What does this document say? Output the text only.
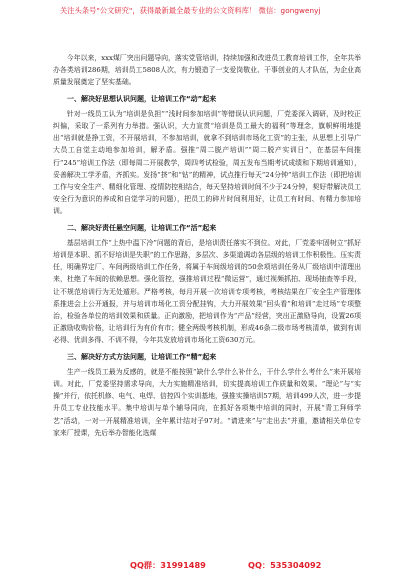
关注头条号"公文研究"，获得最新最全最专业的公文资料库！ 微信：gongwenyj

今年以来，xxx煤厂突出问题导向，落实党管培训，持续加强和改进员工教育培训工作，全年共举办各类培训286期，培训员工5808人次，有力锻造了一支爱岗敬业、干事创业的人才队伍，为企业高质量发展奠定了坚实基础。

一、解决好思想认识问题，让培训工作“动”起来

针对一线员工认为“培训是负担”“浅时间参加培训”等错误认识问题，厂党委深入调研，及时校正纠偏，采取了一系列有力举措。强认识，大力宣贯“培训是员工最大的福利”等理念，旗帜鲜明地提出“培训就是挣工资，不开展培训，不参加培训，就拿不到培训市场化工资”的主张，从思想上引导广大员工自觉主动地参加培训，解矛盾。强推“周二脱产培训”“周二脱产实训日”，在基层车间推行“245”培训工作法（即每周二开展教学，周四考试检验，周五发布当期考试成绩和下期培训通知），妥善解决工学矛盾，齐抓实。发扬“挤”和“钻”的精神，试点推行每天“24分钟”培训工作法（即把培训工作与安全生产、精细化管理、疫情防控相结合，每天坚持培训时间不少于24分钟，契好带解决员工安全行为意识的养成和自觉学习的问题），把员工的碎片时间利用好，让员工有时间、有精力参加培训。

二、解决好责任悬空问题，让培训工作“活”起来

基层培训工作“上热中温下冷”问题的背后，是培训责任落实不到位。对此，厂党委牢固树立“抓好培训是本职、抓不好培训是失职”的工作思路，多层次、多渠道调动各层级的培训工作积极性。压实责任，明确界定厂、车间两级培训工作任务，将属于车间级培训的50余项培训任务从厂级培训中清理出来，杜绝了车间的依赖思想。强化管控，强推培训过程“微运营”，通过视频抓拍、现场抽查等手段，让不规范培训行为无处遁形。严格考核，每月开展一次培训专项考核，考核结果在厂安全生产管理体系推进会上公开通报，并与培训市场化工资分配挂钩，大力开展效果“回头看”和培训“走过场”专项整治，检验各单位的培训效果和质量。正向激励，把培训作为“产品”经营，突出正激励导向，设置26项正激励收购价格，让培训行为有价有市；健全两级考核机制，形成46条二级市场考核清单，做到有训必得、优训多得、不训不得，今年共发放培训市场化工资630万元。

三、解决好方式方法问题，让培训工作“精”起来

生产一线员工最为反感的，就是不能按照“缺什么学什么补什么，干什么学什么考什么”来开展培训。对此，厂党委坚持需求导向，大力实施精准培训，切实提高培训工作质量和效果。“理论”与“实操”并行，依托机修、电气、电焊、信控四个实训基地，强推实操培训57期，培训499人次，进一步提升员工专业技能水平。集中培训与单个辅导同向，在抓好各项集中培训的同时，开展“青工拜师学艺”活动，一对一开展精准培训，全年累计结对子97对。“请进来”与“走出去”并重，邀请相关单位专家来厂授课，先后举办智能化选煤

QQ群：31991489	QQ：535304092
